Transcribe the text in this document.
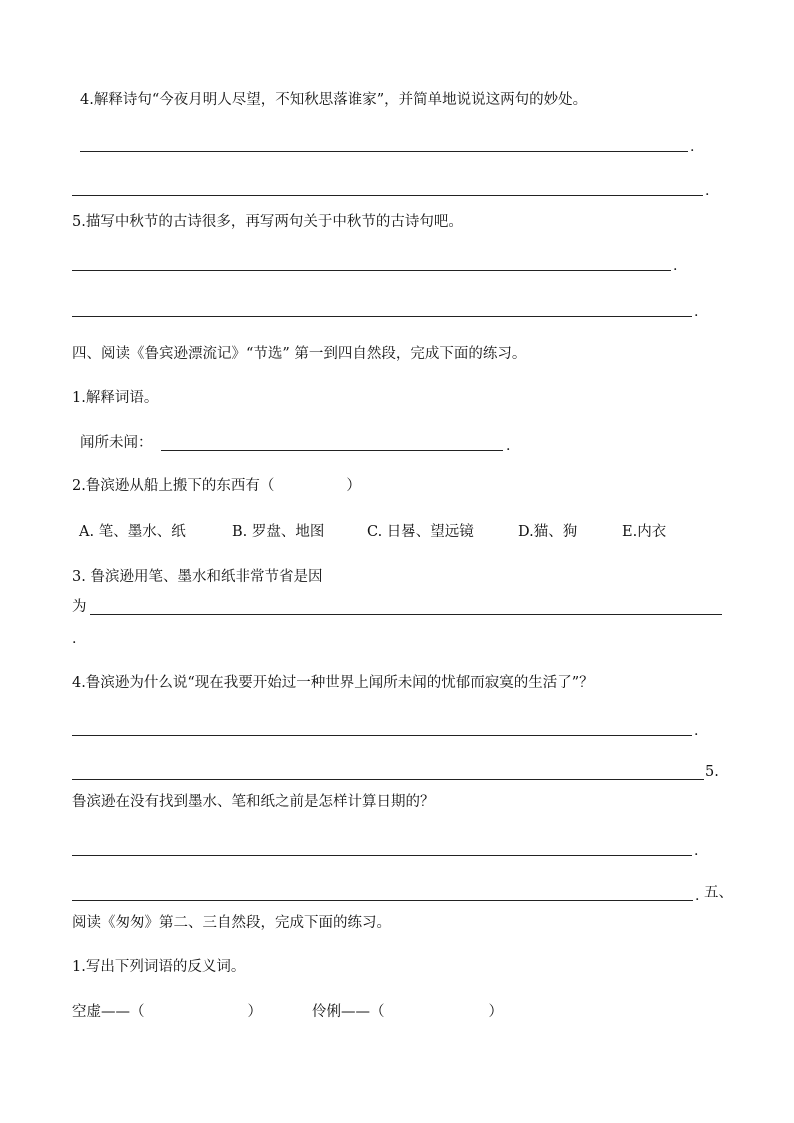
4.解释诗句“今夜月明人尽望，不知秋思落谁家”，并简单地说说这两句的妙处。
.
.
5.描写中秋节的古诗很多，再写两句关于中秋节的古诗句吧。
.
.
四、阅读《鲁宾逊漂流记》“节选” 第一到四自然段，完成下面的练习。
1.解释词语。
闻所未闻：	.
2.鲁滨逊从船上搬下的东西有（	）
A. 笔、墨水、纸	B. 罗盘、地图	C. 日晷、望远镜	D.猫、狗	E.内衣
3. 鲁滨逊用笔、墨水和纸非常节省是因
为
.
4.鲁滨逊为什么说“现在我要开始过一种世界上闻所未闻的忧郁而寂寞的生活了”？
.
5.
鲁滨逊在没有找到墨水、笔和纸之前是怎样计算日期的？
.
. 五、
阅读《匆匆》第二、三自然段，完成下面的练习。
1.写出下列词语的反义词。
空虚——（	）	伶俐——（	）
